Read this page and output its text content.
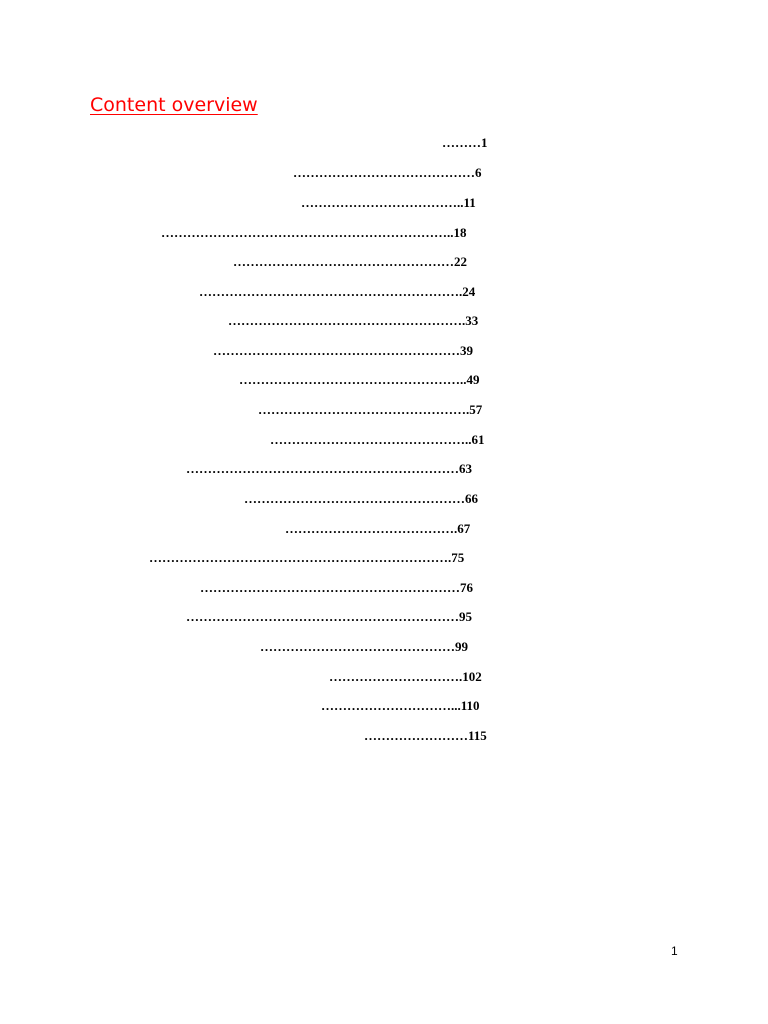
Content overview
………1
……………………………………6
………………………………..11
…………………………………………………………..18
……………………………………………22
…………………………………………………….24
……………………………………………….33
…………………………………………………39
……………………………………………..49
………………………………………….57
………………………………………..61
………………………………………………………63
……………………………………………66
………………………………….67
…………………………………………………………….75
……………………………………………………76
………………………………………………………95
………………………………………99
………………………….102
…………………………...110
……………………115
1
